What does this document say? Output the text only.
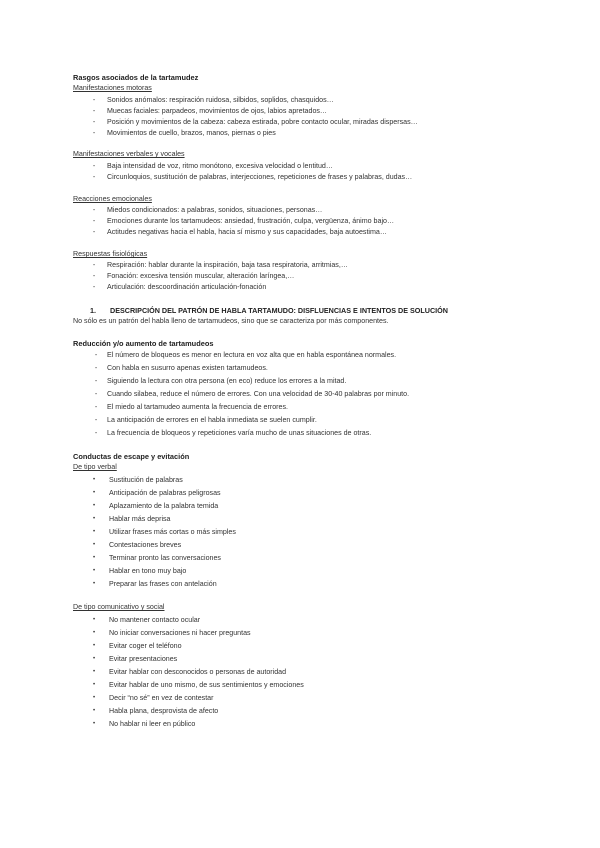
Rasgos asociados de la tartamudez
Manifestaciones motoras
-	Sonidos anómalos: respiración ruidosa, silbidos, soplidos, chasquidos…
-	Muecas faciales: parpadeos, movimientos de ojos, labios apretados…
-	Posición y movimientos de la cabeza: cabeza estirada, pobre contacto ocular, miradas dispersas…
-	Movimientos de cuello, brazos, manos, piernas o pies
Manifestaciones verbales y vocales
-	Baja intensidad de voz, ritmo monótono, excesiva velocidad o lentitud…
-	Circunloquios, sustitución de palabras, interjecciones, repeticiones de frases y palabras, dudas…
Reacciones emocionales
-	Miedos condicionados: a palabras, sonidos, situaciones, personas…
-	Emociones durante los tartamudeos: ansiedad, frustración, culpa, vergüenza, ánimo bajo…
-	Actitudes negativas hacia el habla, hacia sí mismo y sus capacidades, baja autoestima…
Respuestas fisiológicas
-	Respiración: hablar durante la inspiración, baja tasa respiratoria, arritmias,…
-	Fonación: excesiva tensión muscular, alteración laríngea,…
-	Articulación: descoordinación articulación-fonación
1. DESCRIPCIÓN DEL PATRÓN DE HABLA TARTAMUDO: DISFLUENCIAS E INTENTOS DE SOLUCIÓN
No sólo es un patrón del habla lleno de tartamudeos, sino que se caracteriza por más componentes.
Reducción y/o aumento de tartamudeos
-	El número de bloqueos es menor en lectura en voz alta que en habla espontánea normales.
-	Con habla en susurro apenas existen tartamudeos.
-	Siguiendo la lectura con otra persona (en eco) reduce los errores a la mitad.
-	Cuando silabea, reduce el número de errores. Con una velocidad de 30-40 palabras por minuto.
-	El miedo al tartamudeo aumenta la frecuencia de errores.
-	La anticipación de errores en el habla inmediata se suelen cumplir.
-	La frecuencia de bloqueos y repeticiones varía mucho de unas situaciones de otras.
Conductas de escape y evitación
De tipo verbal
•	Sustitución de palabras
•	Anticipación de palabras peligrosas
•	Aplazamiento de la palabra temida
•	Hablar más deprisa
•	Utilizar frases más cortas o más simples
•	Contestaciones breves
•	Terminar pronto las conversaciones
•	Hablar en tono muy bajo
•	Preparar las frases con antelación
De tipo comunicativo y social
•	No mantener contacto ocular
•	No iniciar conversaciones ni hacer preguntas
•	Evitar coger el teléfono
•	Evitar presentaciones
•	Evitar hablar con desconocidos o personas de autoridad
•	Evitar hablar de uno mismo, de sus sentimientos y emociones
•	Decir “no sé” en vez de contestar
•	Habla plana, desprovista de afecto
•	No hablar ni leer en público
